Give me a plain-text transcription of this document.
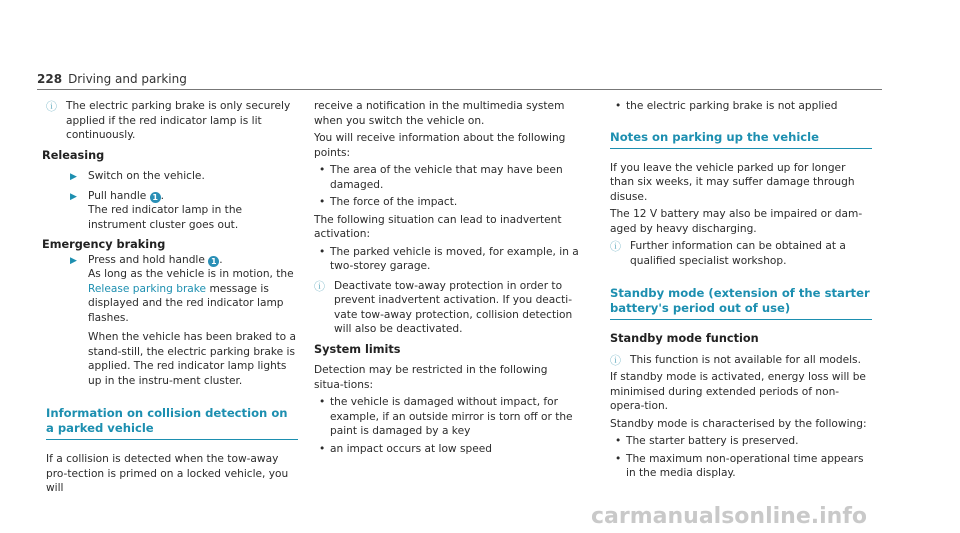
228 Driving and parking
ⓘ The electric parking brake is only securely applied if the red indicator lamp is lit continuously.
Releasing
▶ Switch on the vehicle.
▶ Pull handle 1 .
The red indicator lamp in the instrument cluster goes out.
Emergency braking
▶ Press and hold handle 1 .
As long as the vehicle is in motion, the Release parking brake message is displayed and the red indicator lamp flashes.

When the vehicle has been braked to a stand-still, the electric parking brake is applied. The red indicator lamp lights up in the instru-ment cluster.

Information on collision detection on a parked vehicle

If a collision is detected when the tow-away pro-tection is primed on a locked vehicle, you will

receive a notification in the multimedia system when you switch the vehicle on.

You will receive information about the following points:

• The area of the vehicle that may have been damaged.
• The force of the impact.

The following situation can lead to inadvertent activation:

• The parked vehicle is moved, for example, in a two-storey garage.
ⓘ Deactivate tow-away protection in order to prevent inadvertent activation. If you deacti-vate tow-away protection, collision detection will also be deactivated.
System limits

Detection may be restricted in the following situa-tions:

• the vehicle is damaged without impact, for example, if an outside mirror is torn off or the paint is damaged by a key
• an impact occurs at low speed
• the electric parking brake is not applied
Notes on parking up the vehicle

If you leave the vehicle parked up for longer than six weeks, it may suffer damage through disuse.

The 12 V battery may also be impaired or dam-aged by heavy discharging.

ⓘ Further information can be obtained at a qualified specialist workshop.
Standby mode (extension of the starter battery's period out of use)
Standby mode function
ⓘ This function is not available for all models.

If standby mode is activated, energy loss will be minimised during extended periods of non-opera-tion.

Standby mode is characterised by the following:

• The starter battery is preserved.
• The maximum non-operational time appears in the media display.
carmanualsonline.info
